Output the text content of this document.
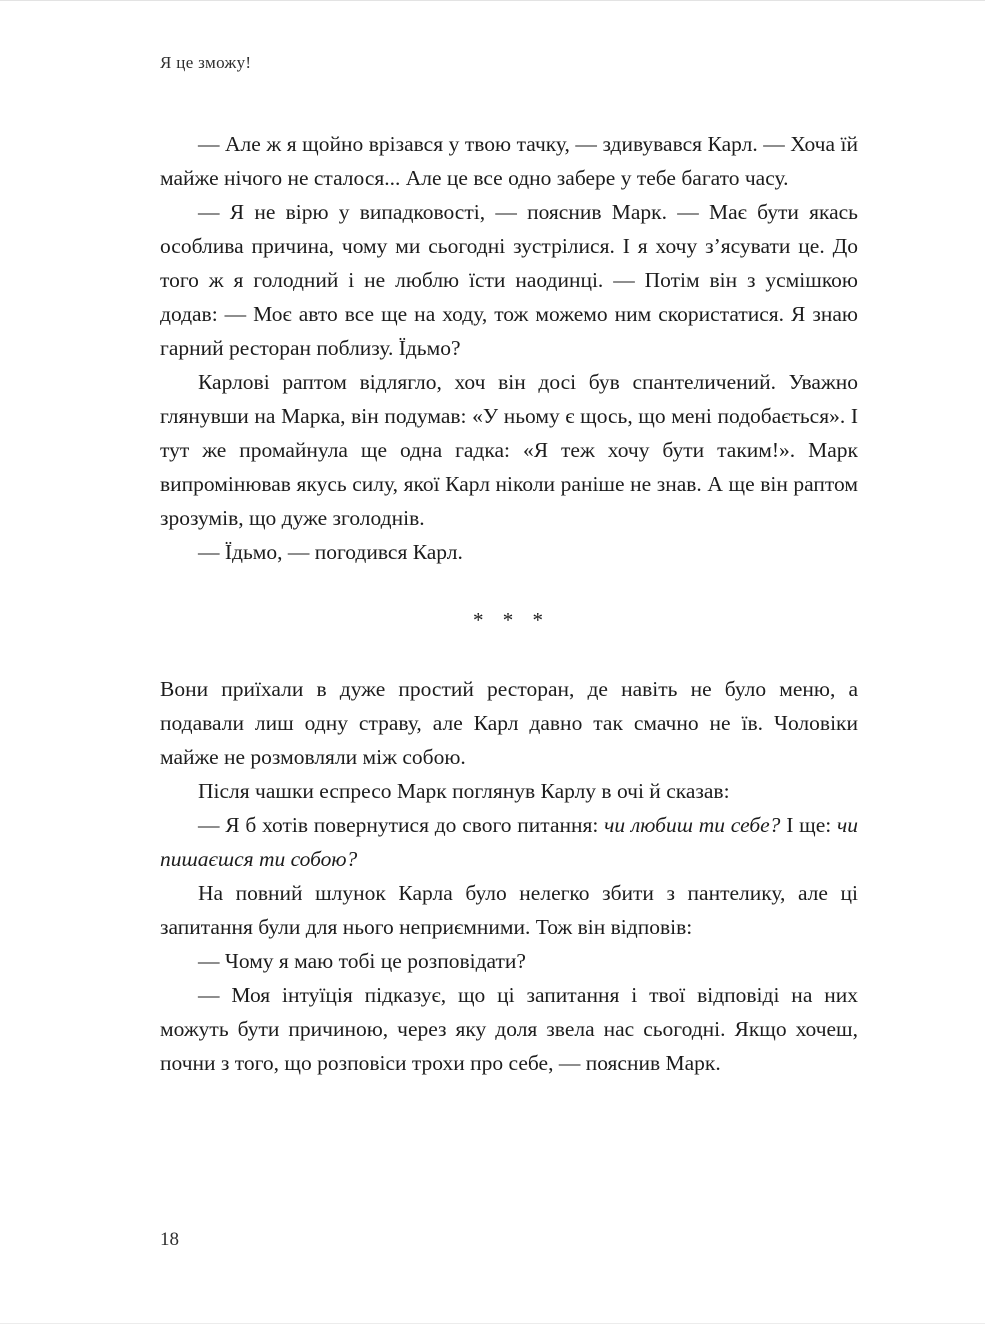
Я це зможу!

— Але ж я щойно врізався у твою тачку, — здивувався Карл. — Хоча їй майже нічого не сталося... Але це все одно забере у тебе багато часу.

— Я не вірю у випадковості, — пояснив Марк. — Має бути якась особлива причина, чому ми сьогодні зустрілися. І я хочу з’ясувати це. До того ж я голодний і не люблю їсти наодинці. — Потім він з усмішкою додав: — Моє авто все ще на ходу, тож можемо ним скористатися. Я знаю гарний ресторан поблизу. Їдьмо?

Карлові раптом відлягло, хоч він досі був спантеличений. Уважно глянувши на Марка, він подумав: «У ньому є щось, що мені подобається». І тут же промайнула ще одна гадка: «Я теж хочу бути таким!». Марк випромінював якусь силу, якої Карл ніколи раніше не знав. А ще він раптом зрозумів, що дуже зголоднів.

— Їдьмо, — погодився Карл.

* * *

Вони приїхали в дуже простий ресторан, де навіть не було меню, а подавали лиш одну страву, але Карл давно так смачно не їв. Чоловіки майже не розмовляли між собою.

Після чашки еспресо Марк поглянув Карлу в очі й сказав:

— Я б хотів повернутися до свого питання: чи любиш ти себе? І ще: чи пишаєшся ти собою?

На повний шлунок Карла було нелегко збити з пантелику, але ці запитання були для нього неприємними. Тож він відповів:

— Чому я маю тобі це розповідати?

— Моя інтуїція підказує, що ці запитання і твої відповіді на них можуть бути причиною, через яку доля звела нас сьогодні. Якщо хочеш, почни з того, що розповіси трохи про себе, — пояснив Марк.

18
